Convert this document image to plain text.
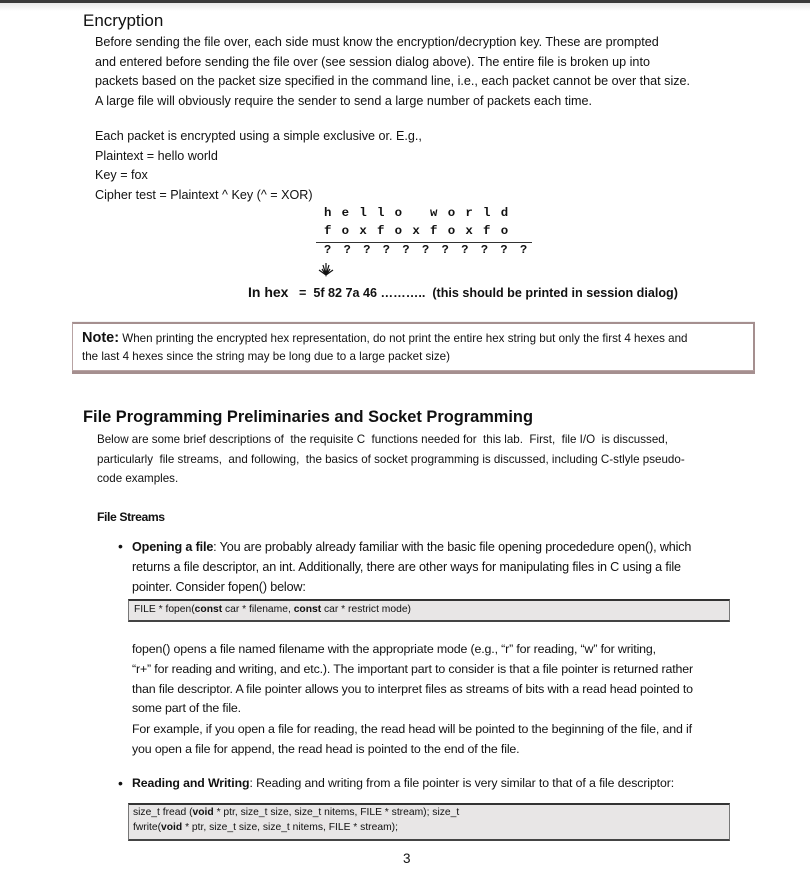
Encryption
Before sending the file over, each side must know the encryption/decryption key. These are prompted
and entered before sending the file over (see session dialog above). The entire file is broken up into
packets based on the packet size specified in the command line, i.e., each packet cannot be over that size.
A large file will obviously require the sender to send a large number of packets each time.
Each packet is encrypted using a simple exclusive or. E.g.,
Plaintext = hello world
Key = fox
Cipher test = Plaintext ^ Key (^ = XOR)
h e l l o   w o r l d
f o x f o x f o x f o
? ? ? ? ? ? ? ? ? ? ?
In hex = 5f 82 7a 46 ……….. (this should be printed in session dialog)
Note: When printing the encrypted hex representation, do not print the entire hex string but only the first 4 hexes and
the last 4 hexes since the string may be long due to a large packet size)
File Programming Preliminaries and Socket Programming
Below are some brief descriptions of  the requisite C  functions needed for  this lab.  First,  file I/O  is discussed,
particularly  file streams,  and following,  the basics of socket programming is discussed, including C-stlyle pseudo-
code examples.
File Streams
• Opening a file: You are probably already familiar with the basic file opening procededure open(), which
returns a file descriptor, an int. Additionally, there are other ways for manipulating files in C using a file
pointer. Consider fopen() below:
FILE * fopen(const car * filename, const car * restrict mode)
fopen() opens a file named filename with the appropriate mode (e.g., “r” for reading, “w” for writing,
“r+” for reading and writing, and etc.). The important part to consider is that a file pointer is returned rather
than file descriptor. A file pointer allows you to interpret files as streams of bits with a read head pointed to
some part of the file.
For example, if you open a file for reading, the read head will be pointed to the beginning of the file, and if
you open a file for append, the read head is pointed to the end of the file.
• Reading and Writing: Reading and writing from a file pointer is very similar to that of a file descriptor:
size_t fread (void * ptr, size_t size, size_t nitems, FILE * stream); size_t
fwrite(void * ptr, size_t size, size_t nitems, FILE * stream);
3
